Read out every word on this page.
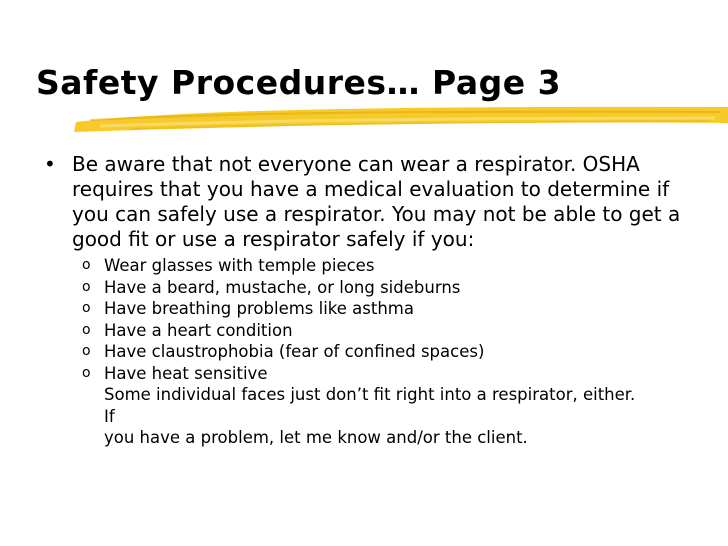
Safety Procedures… Page 3
• Be aware that not everyone can wear a respirator. OSHA requires that you have a medical evaluation to determine if you can safely use a respirator. You may not be able to get a good fit or use a respirator safely if you:

o Wear glasses with temple pieces
o Have a beard, mustache, or long sideburns
o Have breathing problems like asthma
o Have a heart condition
o Have claustrophobia (fear of confined spaces)
o Have heat sensitive
Some individual faces just don’t fit right into a respirator, either.
If
you have a problem, let me know and/or the client.
